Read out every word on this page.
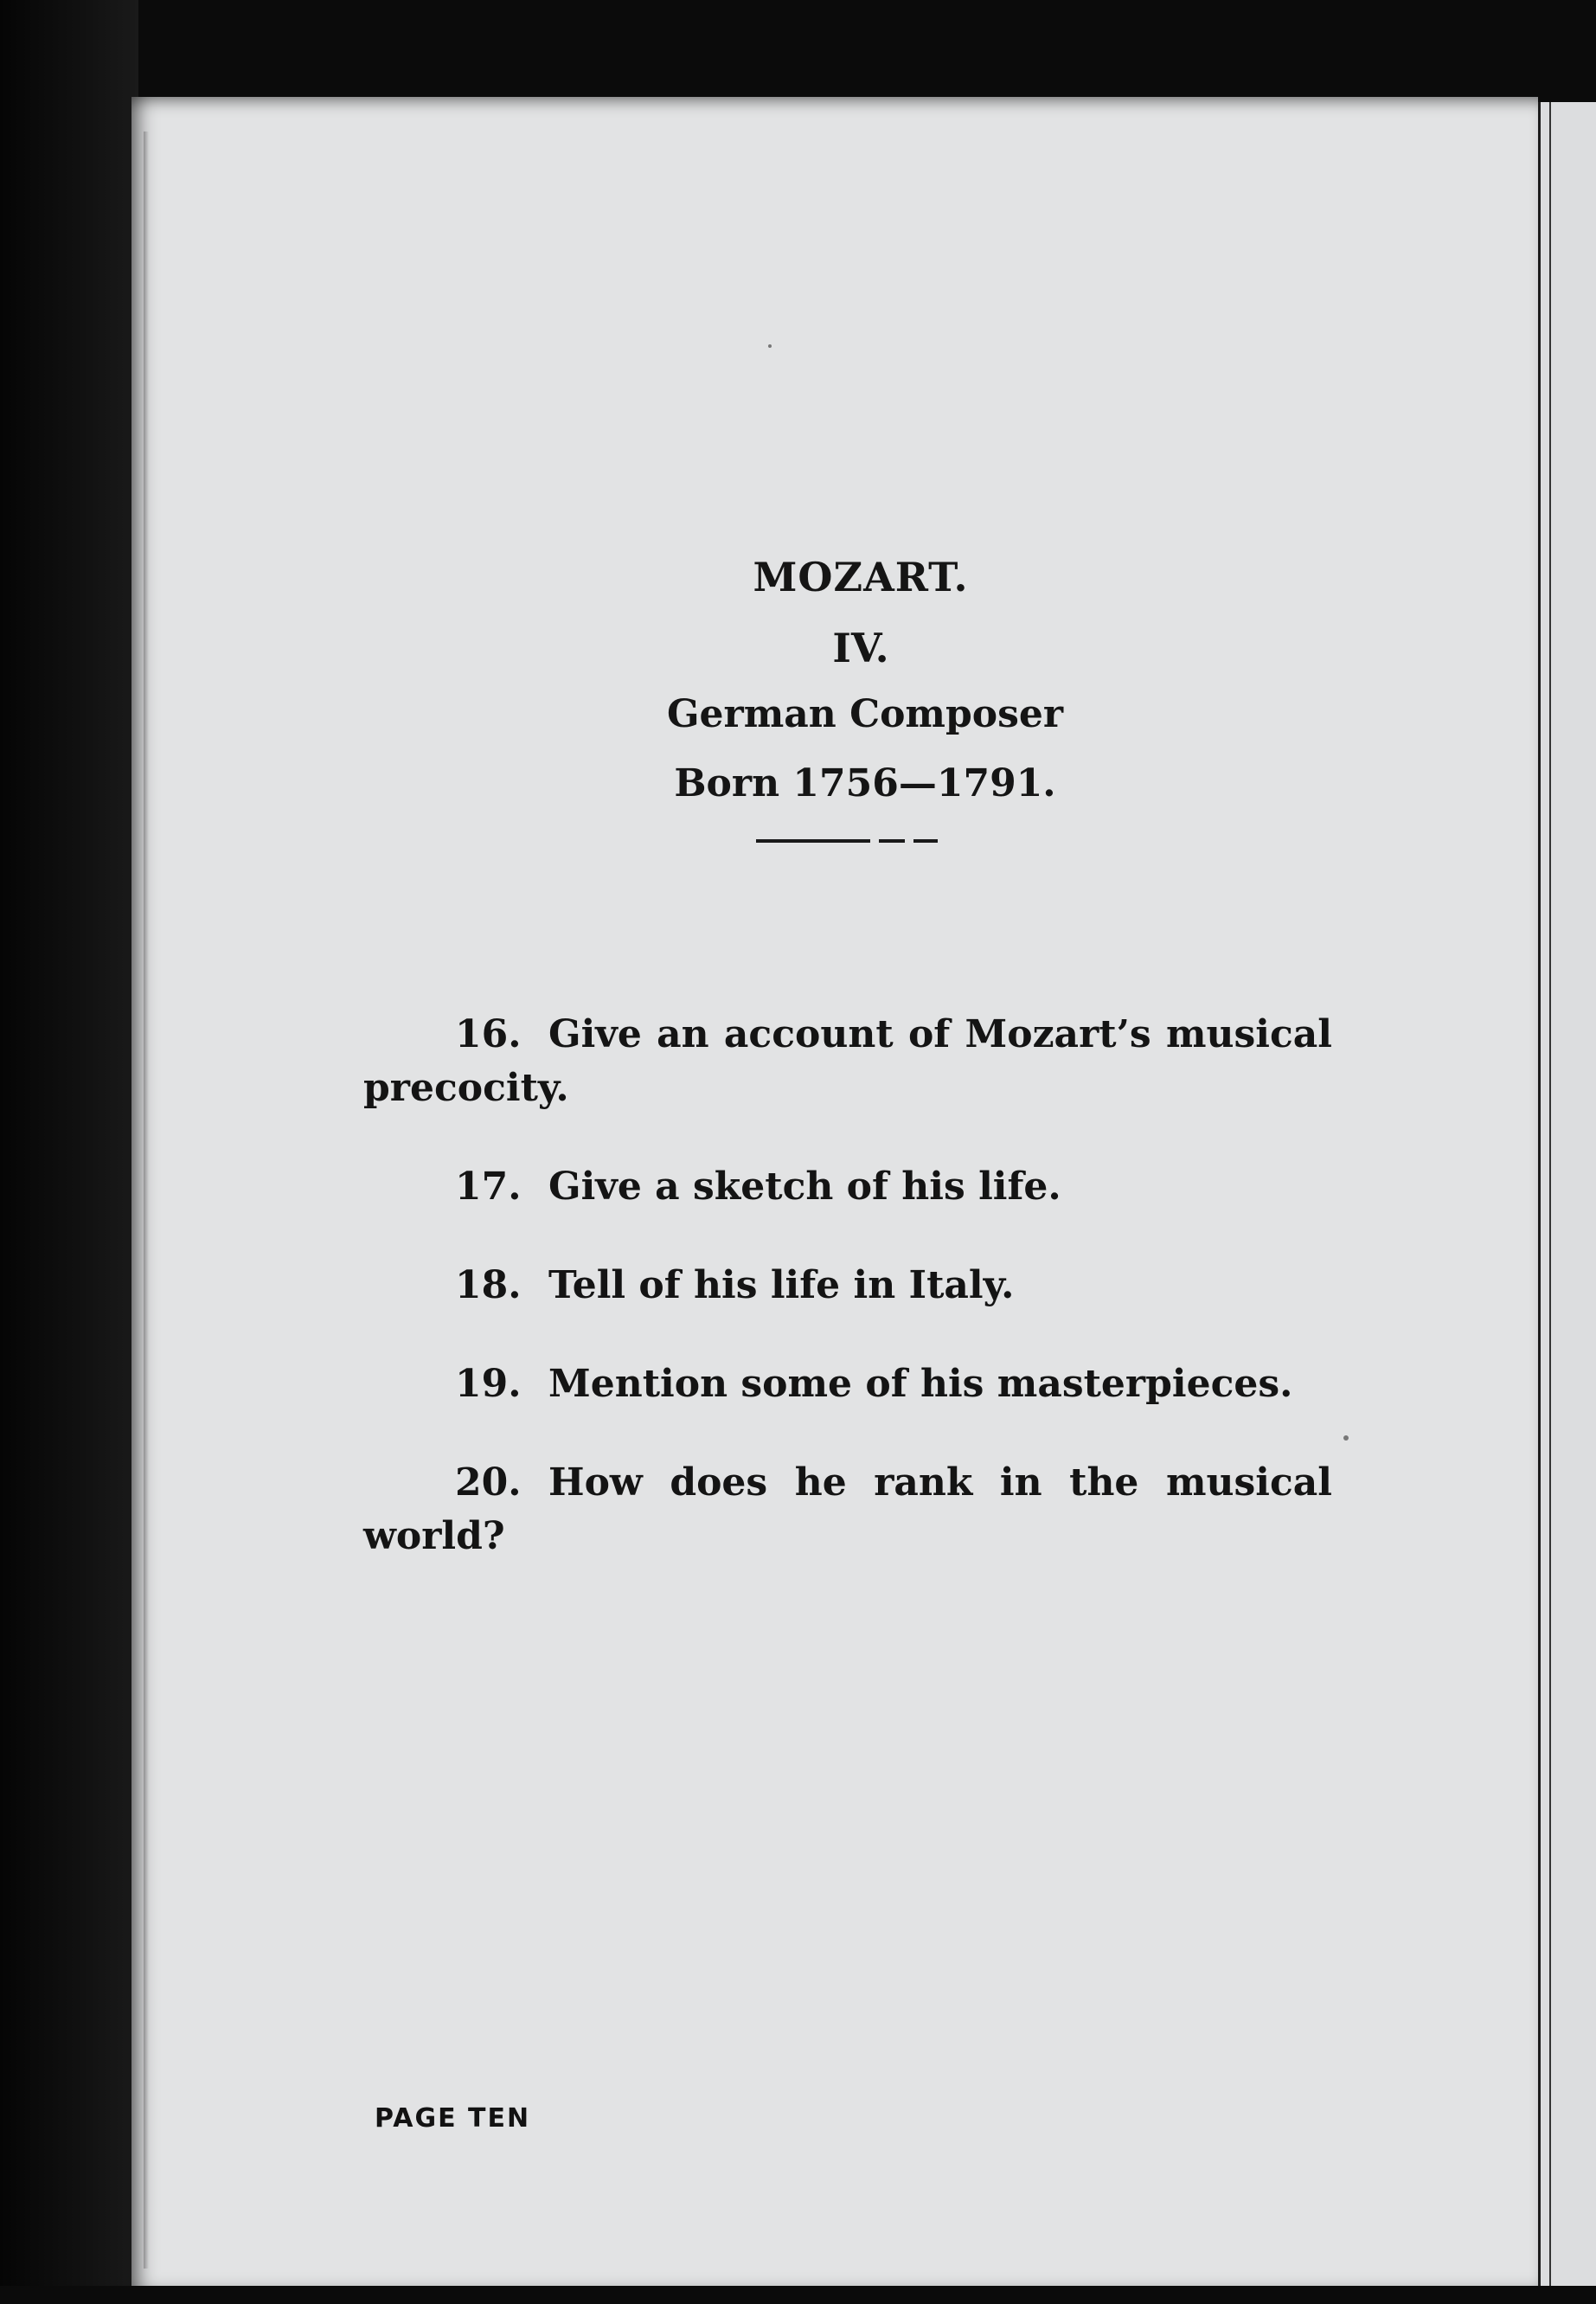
MOZART.
IV.
German Composer
Born 1756—1791.

16. Give an account of Mozart’s musical precocity.

17. Give a sketch of his life.

18. Tell of his life in Italy.

19. Mention some of his masterpieces.

20. How does he rank in the musical world?

PAGE TEN
